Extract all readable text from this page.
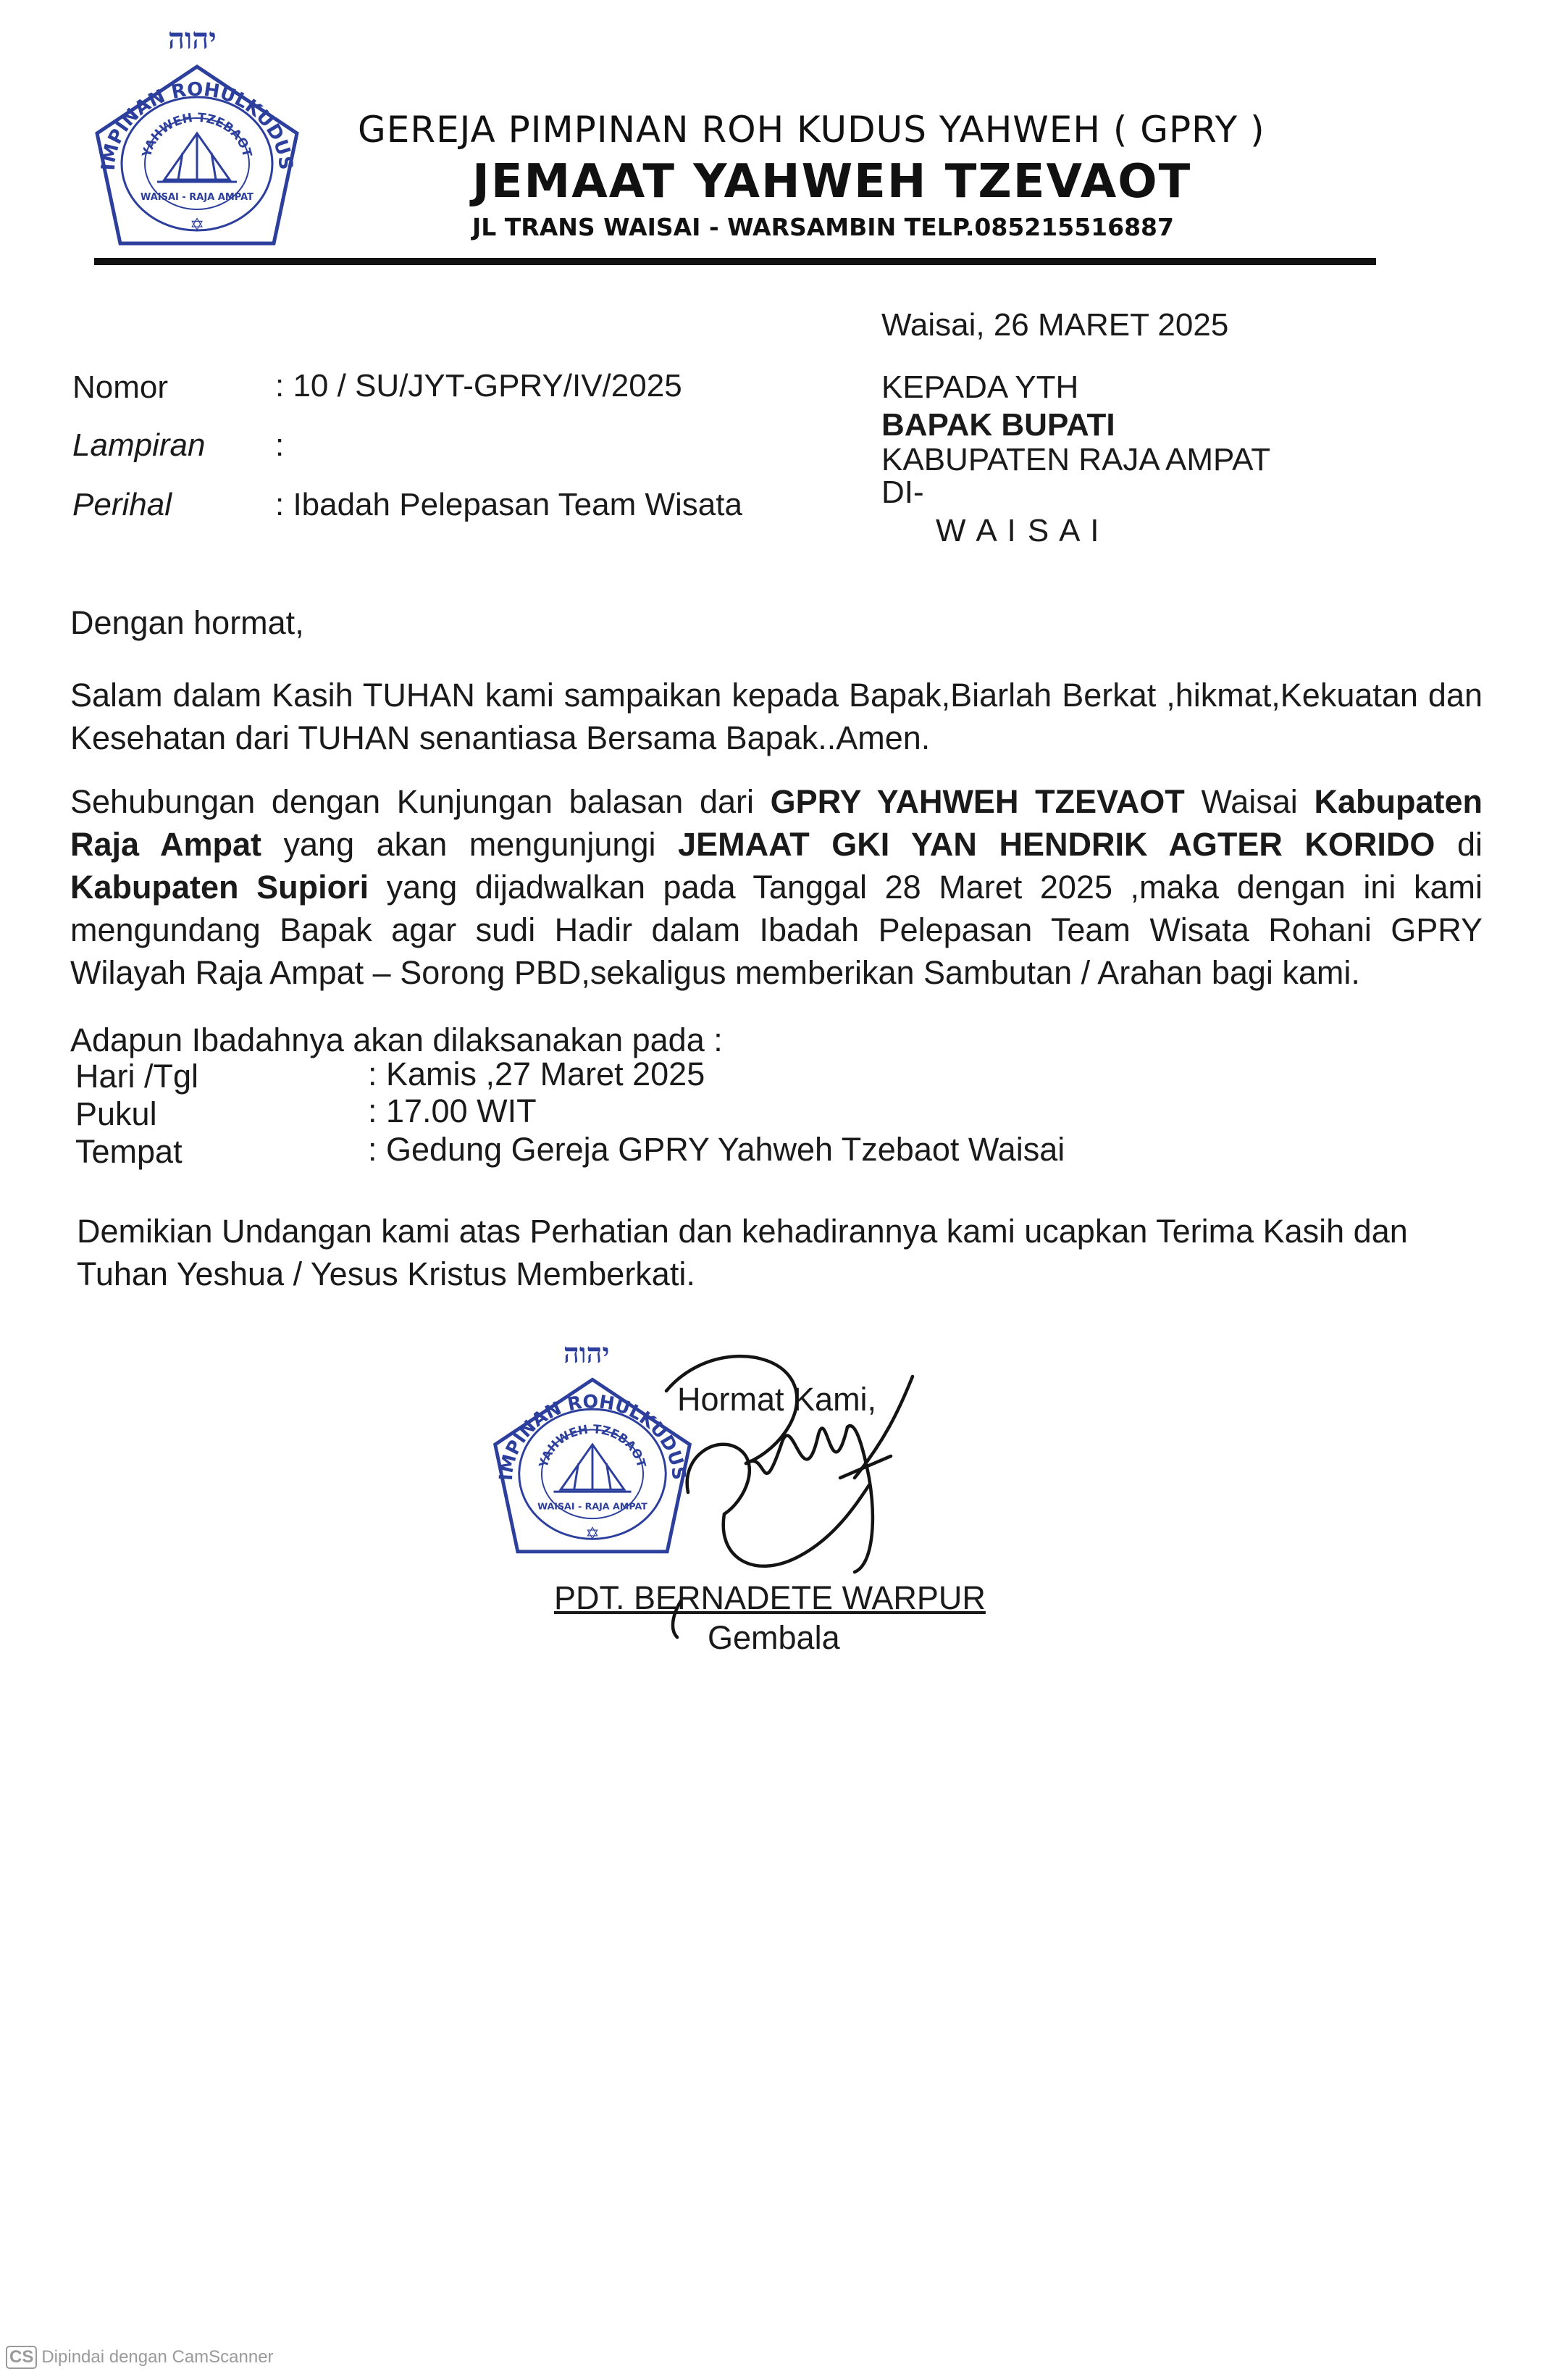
יהוה
GEREJA PIMPINAN ROHULKUDUS YAHWEH
YAHWEH TZEBAOT
WAISAI - RAJA AMPAT
✡
GEREJA PIMPINAN ROH KUDUS YAHWEH ( GPRY )
JEMAAT YAHWEH TZEVAOT
JL TRANS WAISAI - WARSAMBIN TELP.085215516887
Nomor	: 10 / SU/JYT-GPRY/IV/2025
Lampiran :
Perihal	: Ibadah Pelepasan Team Wisata
Waisai, 26 MARET 2025
KEPADA YTH
BAPAK BUPATI
KABUPATEN RAJA AMPAT
DI-
W A I S A I
Dengan hormat,
Salam dalam Kasih TUHAN kami sampaikan kepada Bapak,Biarlah Berkat ,hikmat,Kekuatan dan Kesehatan dari TUHAN senantiasa Bersama Bapak..Amen.
Sehubungan dengan Kunjungan balasan dari GPRY YAHWEH TZEVAOT Waisai Kabupaten Raja Ampat yang akan mengunjungi JEMAAT GKI YAN HENDRIK AGTER KORIDO di Kabupaten Supiori yang dijadwalkan pada Tanggal 28 Maret 2025 ,maka dengan ini kami mengundang Bapak agar sudi Hadir dalam Ibadah Pelepasan Team Wisata Rohani GPRY Wilayah Raja Ampat – Sorong PBD,sekaligus memberikan Sambutan / Arahan bagi kami.
Adapun Ibadahnya akan dilaksanakan pada :
Hari /Tgl	: Kamis ,27 Maret 2025
Pukul	: 17.00 WIT
Tempat	: Gedung Gereja GPRY Yahweh Tzebaot Waisai
Demikian Undangan kami atas Perhatian dan kehadirannya kami ucapkan Terima Kasih dan Tuhan Yeshua / Yesus Kristus Memberkati.
יהוה
GEREJA PIMPINAN ROHULKUDUS YAHWEH
YAHWEH TZEBAOT
WAISAI - RAJA AMPAT
✡
Hormat Kami,
PDT. BERNADETE WARPUR
Gembala
CS Dipindai dengan CamScanner
